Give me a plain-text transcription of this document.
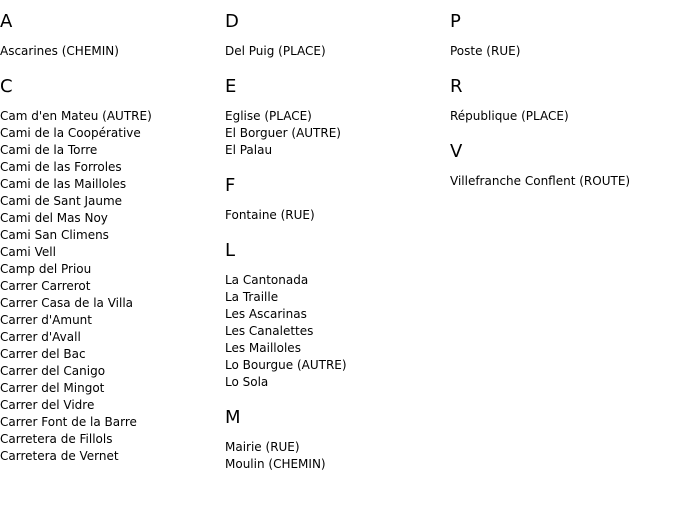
A
Ascarines (CHEMIN)
C
Cam d'en Mateu (AUTRE)
Cami de la Coopérative
Cami de la Torre
Cami de las Forroles
Cami de las Mailloles
Cami de Sant Jaume
Cami del Mas Noy
Cami San Climens
Cami Vell
Camp del Priou
Carrer Carrerot
Carrer Casa de la Villa
Carrer d'Amunt
Carrer d'Avall
Carrer del Bac
Carrer del Canigo
Carrer del Mingot
Carrer del Vidre
Carrer Font de la Barre
Carretera de Fillols
Carretera de Vernet
D
Del Puig (PLACE)
E
Eglise (PLACE)
El Borguer (AUTRE)
El Palau
F
Fontaine (RUE)
L
La Cantonada
La Traille
Les Ascarinas
Les Canalettes
Les Mailloles
Lo Bourgue (AUTRE)
Lo Sola
M
Mairie (RUE)
Moulin (CHEMIN)
P
Poste (RUE)
R
République (PLACE)
V
Villefranche Conflent (ROUTE)
